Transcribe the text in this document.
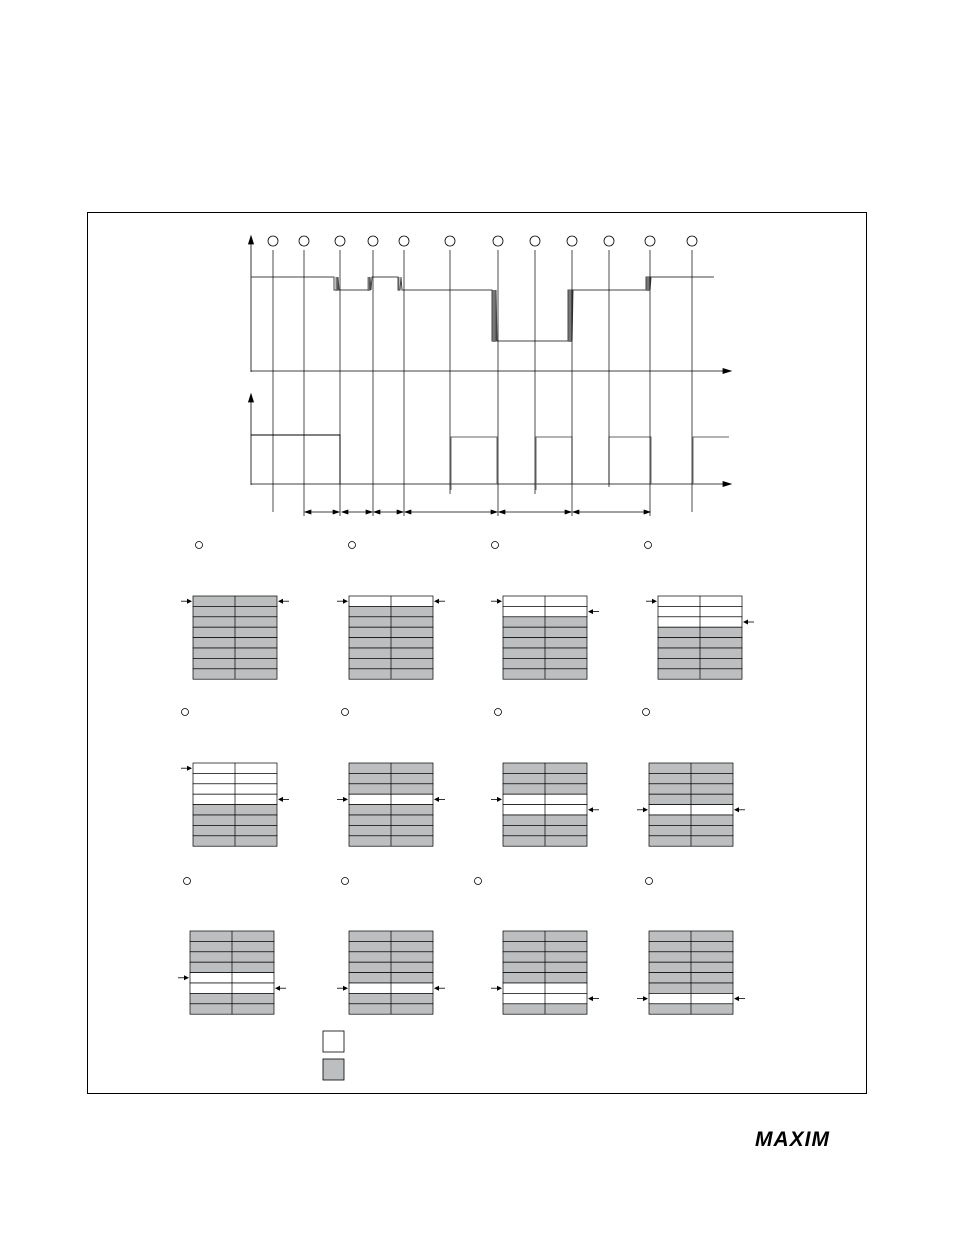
MAXIM
